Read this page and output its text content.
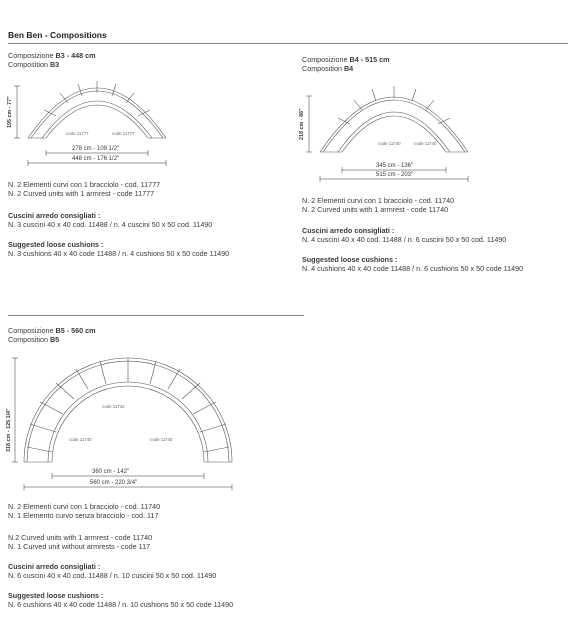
Ben Ben - Compositions
Composizione B3 - 448 cm
Composition B3
code 11777	code 11777
195 cm - 77"
278 cm - 109 1/2"
448 cm - 176 1/2"
N. 2 Elementi curvi con 1 bracciolo - cod. 11777
N. 2 Curved units with 1 armrest - code 11777
Cuscini arredo consigliati :
N. 3 cuscini 40 x 40 cod. 11488 / n. 4 cuscini 50 x 50 cod. 11490
Suggested loose cushions :
N. 3 cushions 40 x 40 code 11488 / n. 4 cushions 50 x 50 code 11490
Composizione B4 - 515 cm
Composition B4
code 11740	code 11740
218 cm - 86"
345 cm - 136"
515 cm - 203"
N. 2 Elementi curvi con 1 bracciolo - cod. 11740
N. 2 Curved units with 1 armrest - code 11740
Cuscini arredo consigliati :
N. 4 cuscini 40 x 40 cod. 11488 / n. 6 cuscini 50 x 50 cod. 11490
Suggested loose cushions :
N. 4 cushions 40 x 40 code 11488 / n. 6 cushions 50 x 50 code 11490
Composizione B5 - 560 cm
Composition B5
code 11742
code 11740	code 11740
318 cm - 125 1/4"
360 cm - 142"
560 cm - 220 3/4"
N. 2 Elementi curvi con 1 bracciolo - cod. 11740
N. 1 Elemento curvo senza bracciolo - cod. 117
N.2 Curved units with 1 armrest - code 11740
N. 1 Curved unit without armrests - code 117
Cuscini arredo consigliati :
N. 6 cuscini 40 x 40 cod. 11488 / n. 10 cuscini 50 x 50 cod. 11490
Suggested loose cushions :
N. 6 cushions 40 x 40 code 11488 / n. 10 cushions 50 x 50 code 11490
